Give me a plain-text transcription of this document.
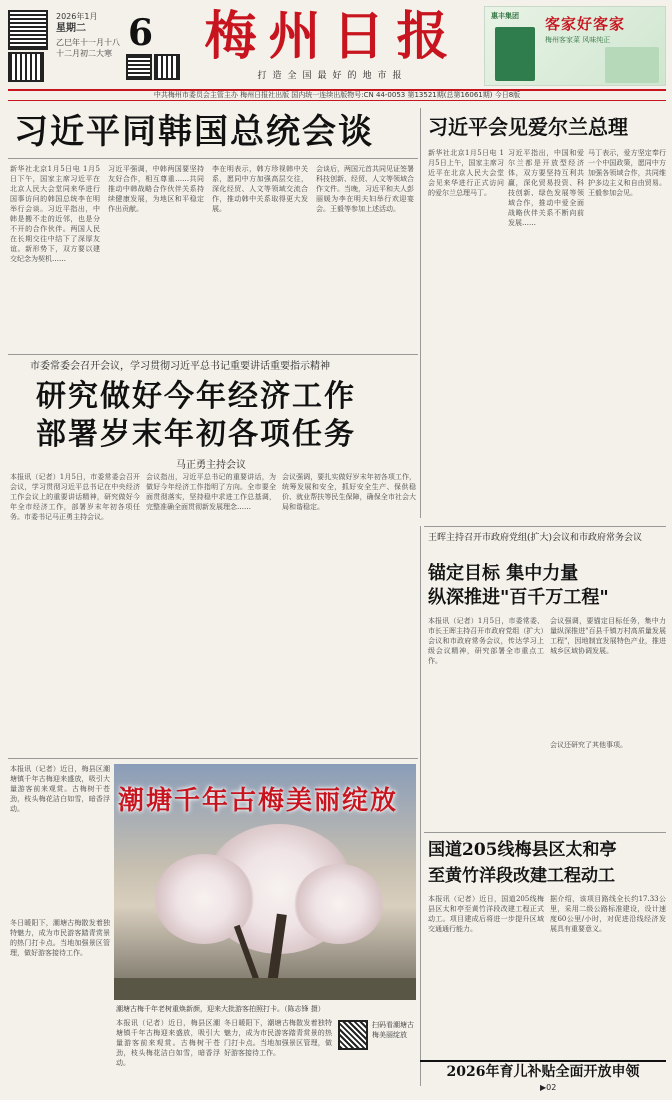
2026年1月
星期二
乙巳年十一月十八
十二月初二大寒 6 梅州日报
打造全国最好的地市报
惠丰集团 客家好客家
梅州客家菜 风味纯正
中共梅州市委员会主管主办 梅州日报社出版 国内统一连续出版物号:CN 44-0053 第13521期(总第16061期) 今日8版
习近平同韩国总统会谈
新华社北京1月5日电 1月5日下午，国家主席习近平在北京人民大会堂同来华进行国事访问的韩国总统李在明举行会谈。习近平指出，中韩是搬不走的近邻，也是分不开的合作伙伴。两国人民在长期交往中结下了深厚友谊。新形势下，双方要以建交纪念为契机……
习近平强调，中韩两国要坚持友好合作，相互尊重……共同推动中韩战略合作伙伴关系持续健康发展，为地区和平稳定作出贡献。
李在明表示，韩方珍视韩中关系，愿同中方加强高层交往，深化经贸、人文等领域交流合作，推动韩中关系取得更大发展。
会谈后，两国元首共同见证签署科技创新、经贸、人文等领域合作文件。当晚，习近平和夫人彭丽媛为李在明夫妇举行欢迎宴会。王毅等参加上述活动。
习近平会见爱尔兰总理
新华社北京1月5日电 1月5日上午，国家主席习近平在北京人民大会堂会见来华进行正式访问的爱尔兰总理马丁。
习近平指出，中国和爱尔兰都是开放型经济体，双方要坚持互利共赢，深化贸易投资、科技创新、绿色发展等领域合作，推动中爱全面战略伙伴关系不断向前发展……
马丁表示，爱方坚定奉行一个中国政策，愿同中方加强各领域合作，共同维护多边主义和自由贸易。王毅参加会见。
市委常委会召开会议，学习贯彻习近平总书记重要讲话重要指示精神
研究做好今年经济工作
部署岁末年初各项任务
马正勇主持会议
本报讯（记者）1月5日，市委常委会召开会议，学习贯彻习近平总书记在中央经济工作会议上的重要讲话精神，研究做好今年全市经济工作，部署岁末年初各项任务。市委书记马正勇主持会议。
会议指出，习近平总书记的重要讲话，为做好今年经济工作指明了方向。全市要全面贯彻落实，坚持稳中求进工作总基调，完整准确全面贯彻新发展理念……
会议强调，要扎实做好岁末年初各项工作，统筹发展和安全，抓好安全生产、保供稳价、就业帮扶等民生保障，确保全市社会大局和谐稳定。
王晖主持召开市政府党组(扩大)会议和市政府常务会议
锚定目标 集中力量
纵深推进"百千万工程"
本报讯（记者）1月5日，市委常委、市长王晖主持召开市政府党组（扩大）会议和市政府常务会议，传达学习上级会议精神，研究部署全市重点工作。
会议强调，要锚定目标任务，集中力量纵深推进"百县千镇万村高质量发展工程"，因地制宜发展特色产业，推进城乡区域协调发展。
会议还研究了其他事项。
本报讯（记者）近日，梅县区潮塘镇千年古梅迎来盛放，吸引大量游客前来观赏。古梅树干苍劲，枝头梅花洁白如雪，暗香浮动。
冬日暖阳下，潮塘古梅散发着独特魅力，成为市民游客踏青赏景的热门打卡点。当地加强景区管理，做好游客接待工作。
潮塘千年古梅美丽绽放
潮塘古梅千年老树重焕新颜，迎来大批游客拍照打卡。（陈志锋 摄）
本报讯（记者）近日，梅县区潮塘镇千年古梅迎来盛放，吸引大量游客前来观赏。古梅树干苍劲，枝头梅花洁白如雪，暗香浮动。
冬日暖阳下，潮塘古梅散发着独特魅力，成为市民游客踏青赏景的热门打卡点。当地加强景区管理，做好游客接待工作。
扫码看潮塘古梅美丽绽放
国道205线梅县区太和亭
至黄竹洋段改建工程动工
本报讯（记者）近日，国道205线梅县区太和亭至黄竹洋段改建工程正式动工。项目建成后将进一步提升区域交通通行能力。
据介绍，该项目路线全长约17.33公里，采用二级公路标准建设，设计速度60公里/小时，对促进沿线经济发展具有重要意义。
2026年育儿补贴全面开放申领
▶02
